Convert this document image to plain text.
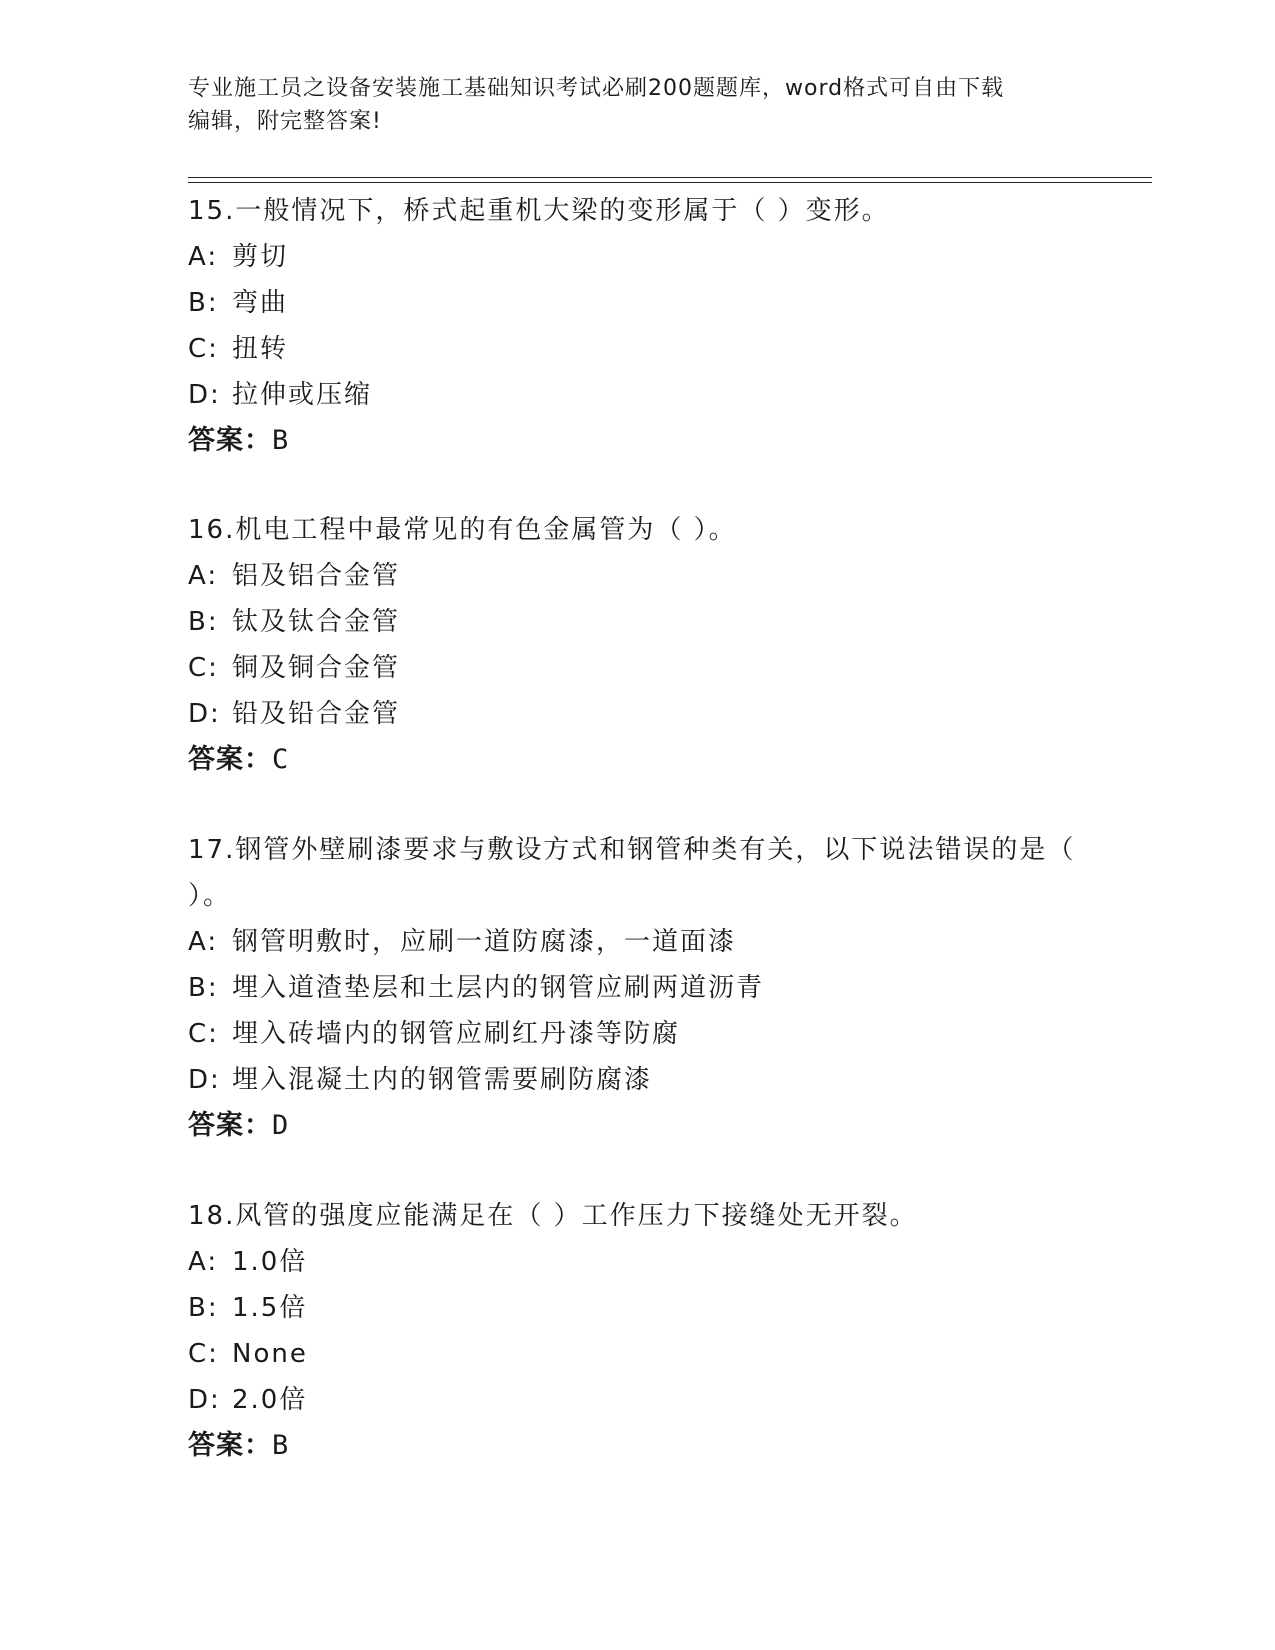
专业施工员之设备安装施工基础知识考试必刷200题题库，word格式可自由下载
编辑，附完整答案!

15.一般情况下，桥式起重机大梁的变形属于（ ）变形。

A: 剪切

B: 弯曲

C: 扭转

D: 拉伸或压缩

答案：B

16.机电工程中最常见的有色金属管为（ ）。

A: 铝及铝合金管

B: 钛及钛合金管

C: 铜及铜合金管

D: 铅及铅合金管

答案：C

17.钢管外壁刷漆要求与敷设方式和钢管种类有关，以下说法错误的是（ ）。

A: 钢管明敷时，应刷一道防腐漆，一道面漆

B: 埋入道渣垫层和土层内的钢管应刷两道沥青

C: 埋入砖墙内的钢管应刷红丹漆等防腐

D: 埋入混凝土内的钢管需要刷防腐漆

答案：D

18.风管的强度应能满足在（ ）工作压力下接缝处无开裂。

A: 1.0倍

B: 1.5倍

C: None

D: 2.0倍

答案：B
